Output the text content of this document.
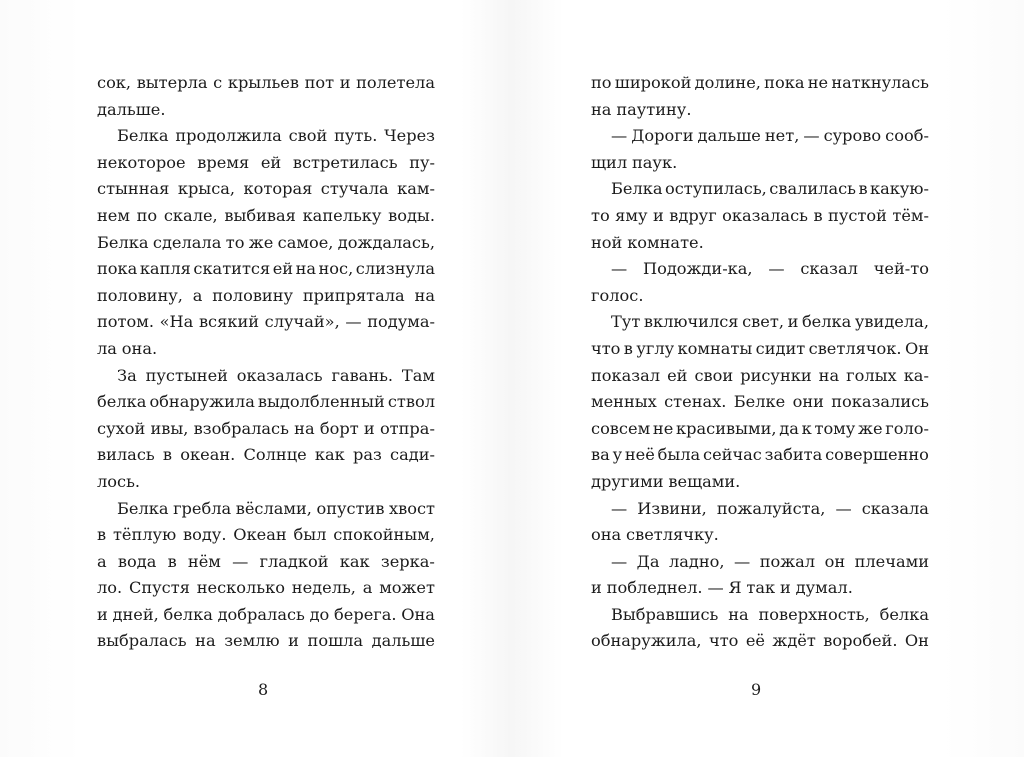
сок, вытерла с крыльев пот и полетела
дальше.
Белка продолжила свой путь. Через
некоторое время ей встретилась пу-
стынная крыса, которая стучала кам-
нем по скале, выбивая капельку воды.
Белка сделала то же самое, дождалась,
пока капля скатится ей на нос, слизнула
половину, а половину припрятала на
потом. «На всякий случай», — подума-
ла она.
За пустыней оказалась гавань. Там
белка обнаружила выдолбленный ствол
сухой ивы, взобралась на борт и отпра-
вилась в океан. Солнце как раз сади-
лось.
Белка гребла вёслами, опустив хвост
в тёплую воду. Океан был спокойным,
а вода в нём — гладкой как зерка-
ло. Спустя несколько недель, а может
и дней, белка добралась до берега. Она
выбралась на землю и пошла дальше
по широкой долине, пока не наткнулась
на паутину.
— Дороги дальше нет, — сурово сооб-
щил паук.
Белка оступилась, свалилась в какую-
то яму и вдруг оказалась в пустой тём-
ной комнате.
— Подожди-ка, — сказал чей-то
голос.
Тут включился свет, и белка увидела,
что в углу комнаты сидит светлячок. Он
показал ей свои рисунки на голых ка-
менных стенах. Белке они показались
совсем не красивыми, да к тому же голо-
ва у неё была сейчас забита совершенно
другими вещами.
— Извини, пожалуйста, — сказала
она светлячку.
— Да ладно, — пожал он плечами
и побледнел. — Я так и думал.
Выбравшись на поверхность, белка
обнаружила, что её ждёт воробей. Он
8	9
